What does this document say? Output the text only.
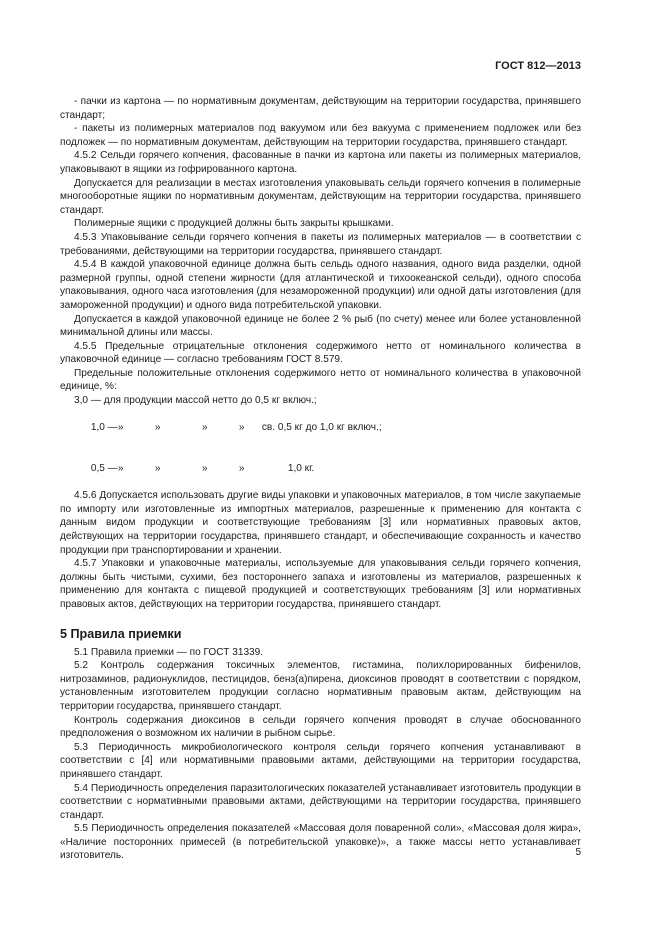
ГОСТ 812—2013

- пачки из картона — по нормативным документам, действующим на территории государства, принявшего стандарт;

- пакеты из полимерных материалов под вакуумом или без вакуума с применением подложек или без подложек — по нормативным документам, действующим на территории государства, принявшего стандарт.

4.5.2 Сельди горячего копчения, фасованные в пачки из картона или пакеты из полимерных материалов, упаковывают в ящики из гофрированного картона.

Допускается для реализации в местах изготовления упаковывать сельди горячего копчения в полимерные многооборотные ящики по нормативным документам, действующим на территории государства, принявшего стандарт.

Полимерные ящики с продукцией должны быть закрыты крышками.

4.5.3 Упаковывание сельди горячего копчения в пакеты из полимерных материалов — в соответствии с требованиями, действующими на территории государства, принявшего стандарт.

4.5.4 В каждой упаковочной единице должна быть сельдь одного названия, одного вида разделки, одной размерной группы, одной степени жирности (для атлантической и тихоокеанской сельди), одного способа упаковывания, одного часа изготовления (для незамороженной продукции) или одной даты изготовления (для замороженной продукции) и одного вида потребительской упаковки.

Допускается в каждой упаковочной единице не более 2 % рыб (по счету) менее или более установленной минимальной длины или массы.

4.5.5 Предельные отрицательные отклонения содержимого нетто от номинального количества в упаковочной единице — согласно требованиям ГОСТ 8.579.

Предельные положительные отклонения содержимого нетто от номинального количества в упаковочной единице, %:

3,0 — для продукции массой нетто до 0,5 кг включ.;

1,0 —»	»	»	» св. 0,5 кг до 1,0 кг включ.;

0,5 —»	»	»	»	1,0 кг.

4.5.6 Допускается использовать другие виды упаковки и упаковочных материалов, в том числе закупаемые по импорту или изготовленные из импортных материалов, разрешенные к применению для контакта с данным видом продукции и соответствующие требованиям [3] или нормативных правовых актов, действующих на территории государства, принявшего стандарт, и обеспечивающие сохранность и качество продукции при транспортировании и хранении.

4.5.7 Упаковки и упаковочные материалы, используемые для упаковывания сельди горячего копчения, должны быть чистыми, сухими, без постороннего запаха и изготовлены из материалов, разрешенных к применению для контакта с пищевой продукцией и соответствующих требованиям [3] или нормативных правовых актов, действующих на территории государства, принявшего стандарт.

5 Правила приемки

5.1 Правила приемки — по ГОСТ 31339.

5.2 Контроль содержания токсичных элементов, гистамина, полихлорированных бифенилов, нитрозаминов, радионуклидов, пестицидов, бенз(а)пирена, диоксинов проводят в соответствии с порядком, установленным изготовителем продукции согласно нормативным правовым актам, действующим на территории государства, принявшего стандарт.

Контроль содержания диоксинов в сельди горячего копчения проводят в случае обоснованного предположения о возможном их наличии в рыбном сырье.

5.3 Периодичность микробиологического контроля сельди горячего копчения устанавливают в соответствии с [4] или нормативными правовыми актами, действующими на территории государства, принявшего стандарт.

5.4 Периодичность определения паразитологических показателей устанавливает изготовитель продукции в соответствии с нормативными правовыми актами, действующими на территории государства, принявшего стандарт.

5.5 Периодичность определения показателей «Массовая доля поваренной соли», «Массовая доля жира», «Наличие посторонних примесей (в потребительской упаковке)», а также массы нетто устанавливает изготовитель.	5
